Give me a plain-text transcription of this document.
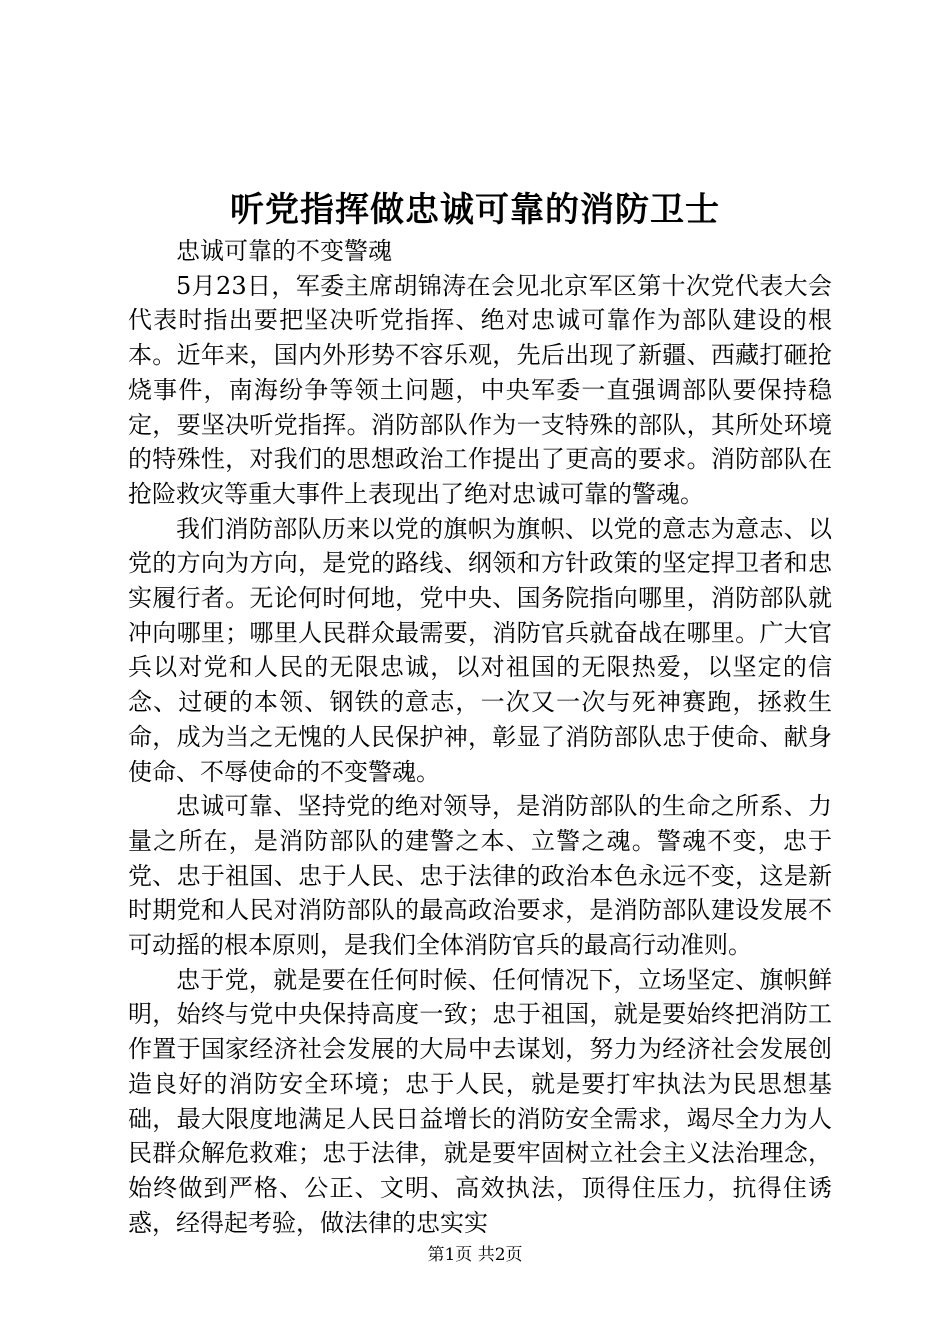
听党指挥做忠诚可靠的消防卫士

忠诚可靠的不变警魂

5月23日，军委主席胡锦涛在会见北京军区第十次党代表大会代表时指出要把坚决听党指挥、绝对忠诚可靠作为部队建设的根本。近年来，国内外形势不容乐观，先后出现了新疆、西藏打砸抢烧事件，南海纷争等领土问题，中央军委一直强调部队要保持稳定，要坚决听党指挥。消防部队作为一支特殊的部队，其所处环境的特殊性，对我们的思想政治工作提出了更高的要求。消防部队在抢险救灾等重大事件上表现出了绝对忠诚可靠的警魂。

我们消防部队历来以党的旗帜为旗帜、以党的意志为意志、以党的方向为方向，是党的路线、纲领和方针政策的坚定捍卫者和忠实履行者。无论何时何地，党中央、国务院指向哪里，消防部队就冲向哪里；哪里人民群众最需要，消防官兵就奋战在哪里。广大官兵以对党和人民的无限忠诚，以对祖国的无限热爱，以坚定的信念、过硬的本领、钢铁的意志，一次又一次与死神赛跑，拯救生命，成为当之无愧的人民保护神，彰显了消防部队忠于使命、献身使命、不辱使命的不变警魂。

忠诚可靠、坚持党的绝对领导，是消防部队的生命之所系、力量之所在，是消防部队的建警之本、立警之魂。警魂不变，忠于党、忠于祖国、忠于人民、忠于法律的政治本色永远不变，这是新时期党和人民对消防部队的最高政治要求，是消防部队建设发展不可动摇的根本原则，是我们全体消防官兵的最高行动准则。

忠于党，就是要在任何时候、任何情况下，立场坚定、旗帜鲜明，始终与党中央保持高度一致；忠于祖国，就是要始终把消防工作置于国家经济社会发展的大局中去谋划，努力为经济社会发展创造良好的消防安全环境；忠于人民，就是要打牢执法为民思想基础，最大限度地满足人民日益增长的消防安全需求，竭尽全力为人民群众解危救难；忠于法律，就是要牢固树立社会主义法治理念，始终做到严格、公正、文明、高效执法，顶得住压力，抗得住诱惑，经得起考验，做法律的忠实实

第1页 共2页
